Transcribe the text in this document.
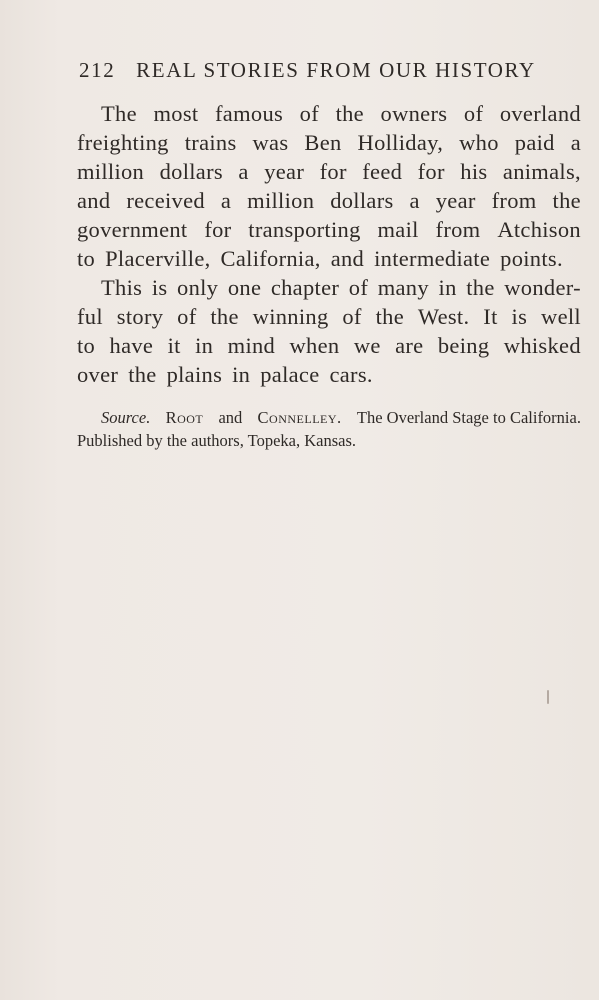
212 REAL STORIES FROM OUR HISTORY
The most famous of the owners of overland
freighting trains was Ben Holliday, who paid a
million dollars a year for feed for his animals,
and received a million dollars a year from the
government for transporting mail from Atchison
to Placerville, California, and intermediate points.
This is only one chapter of many in the wonder-
ful story of the winning of the West. It is well
to have it in mind when we are being whisked
over the plains in palace cars.
Source. Root and Connelley. The Overland Stage to California.
Published by the authors, Topeka, Kansas.
